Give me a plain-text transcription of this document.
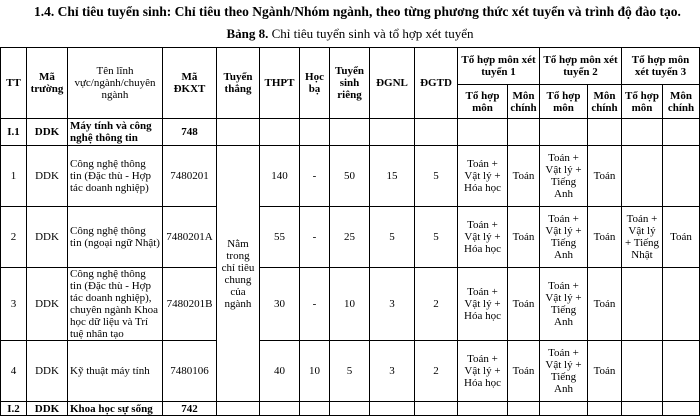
1.4. Chỉ tiêu tuyển sinh: Chỉ tiêu theo Ngành/Nhóm ngành, theo từng phương thức xét tuyển và trình độ đào tạo.
Bảng 8. Chỉ tiêu tuyển sinh và tổ hợp xét tuyển
TT	Mã trường	Tên lĩnh vực/ngành/chuyên ngành	Mã ĐKXT	Tuyển thẳng	THPT	Học bạ	Tuyển sinh riêng	ĐGNL	ĐGTD	Tổ hợp môn xét tuyển 1		Tổ hợp môn xét tuyển 2		Tổ hợp môn xét tuyển 3	
										Tổ hợp môn	Môn chính	Tổ hợp môn	Môn chính	Tổ hợp môn	Môn chính
I.1	DDK	Máy tính và công nghệ thông tin	748												
1	DDK	Công nghệ thông tin (Đặc thù - Hợp tác doanh nghiệp)	7480201	Nằm trong chỉ tiêu chung của ngành	140	-	50	15	5	Toán + Vật lý + Hóa học	Toán	Toán + Vật lý + Tiếng Anh	Toán		
2	DDK	Công nghệ thông tin (ngoại ngữ Nhật)	7480201A		55	-	25	5	5	Toán + Vật lý + Hóa học	Toán	Toán + Vật lý + Tiếng Anh	Toán	Toán + Vật lý + Tiếng Nhật	Toán
3	DDK	Công nghệ thông tin (Đặc thù - Hợp tác doanh nghiệp), chuyên ngành Khoa học dữ liệu và Trí tuệ nhân tạo	7480201B		30	-	10	3	2	Toán + Vật lý + Hóa học	Toán	Toán + Vật lý + Tiếng Anh	Toán		
4	DDK	Kỹ thuật máy tính	7480106		40	10	5	3	2	Toán + Vật lý + Hóa học	Toán	Toán + Vật lý + Tiếng Anh	Toán		
I.2	DDK	Khoa học sự sống	742												
